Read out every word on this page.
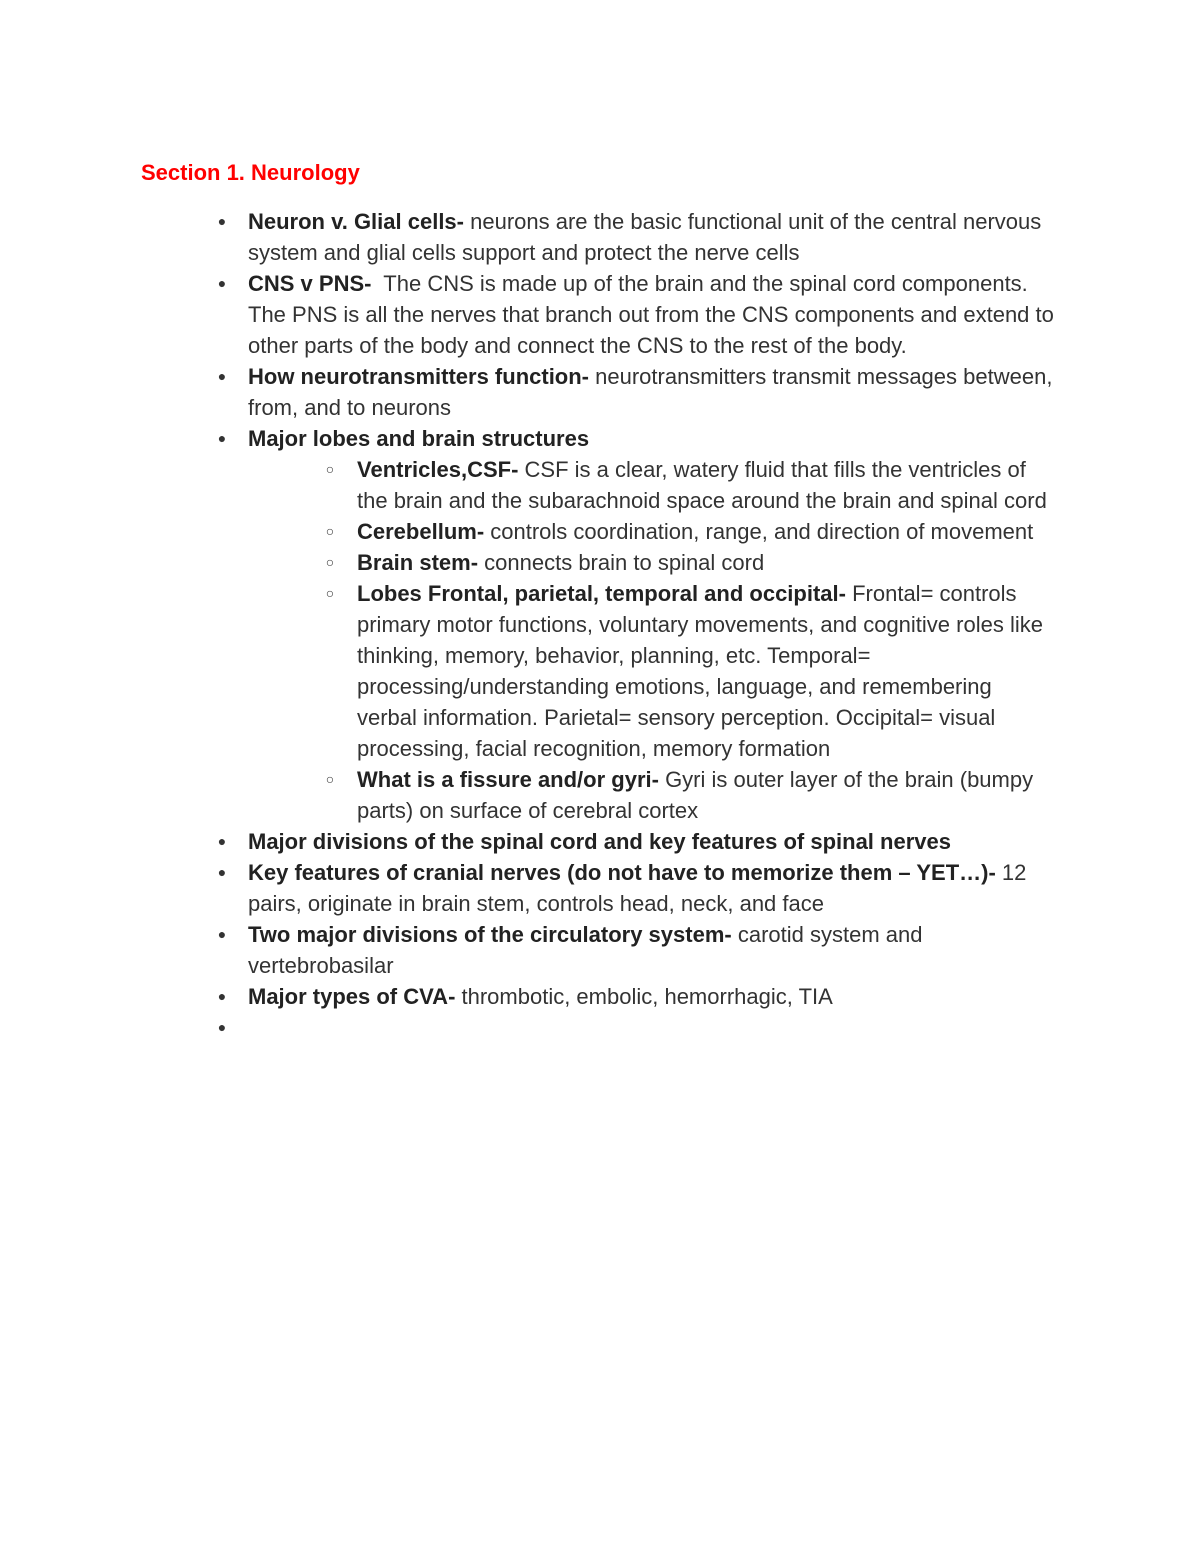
Section 1. Neurology
● Neuron v. Glial cells- neurons are the basic functional unit of the central nervous system and glial cells support and protect the nerve cells
● CNS v PNS-  The CNS is made up of the brain and the spinal cord components. The PNS is all the nerves that branch out from the CNS components and extend to other parts of the body and connect the CNS to the rest of the body.
● How neurotransmitters function- neurotransmitters transmit messages between, from, and to neurons
● Major lobes and brain structures
○ Ventricles,CSF- CSF is a clear, watery fluid that fills the ventricles of the brain and the subarachnoid space around the brain and spinal cord
○ Cerebellum- controls coordination, range, and direction of movement
○ Brain stem- connects brain to spinal cord
○ Lobes Frontal, parietal, temporal and occipital- Frontal= controls primary motor functions, voluntary movements, and cognitive roles like thinking, memory, behavior, planning, etc. Temporal= processing/understanding emotions, language, and remembering verbal information. Parietal= sensory perception. Occipital= visual processing, facial recognition, memory formation
○ What is a fissure and/or gyri- Gyri is outer layer of the brain (bumpy parts) on surface of cerebral cortex
● Major divisions of the spinal cord and key features of spinal nerves
● Key features of cranial nerves (do not have to memorize them – YET…)- 12 pairs, originate in brain stem, controls head, neck, and face
● Two major divisions of the circulatory system- carotid system and vertebrobasilar
● Major types of CVA- thrombotic, embolic, hemorrhagic, TIA
●
